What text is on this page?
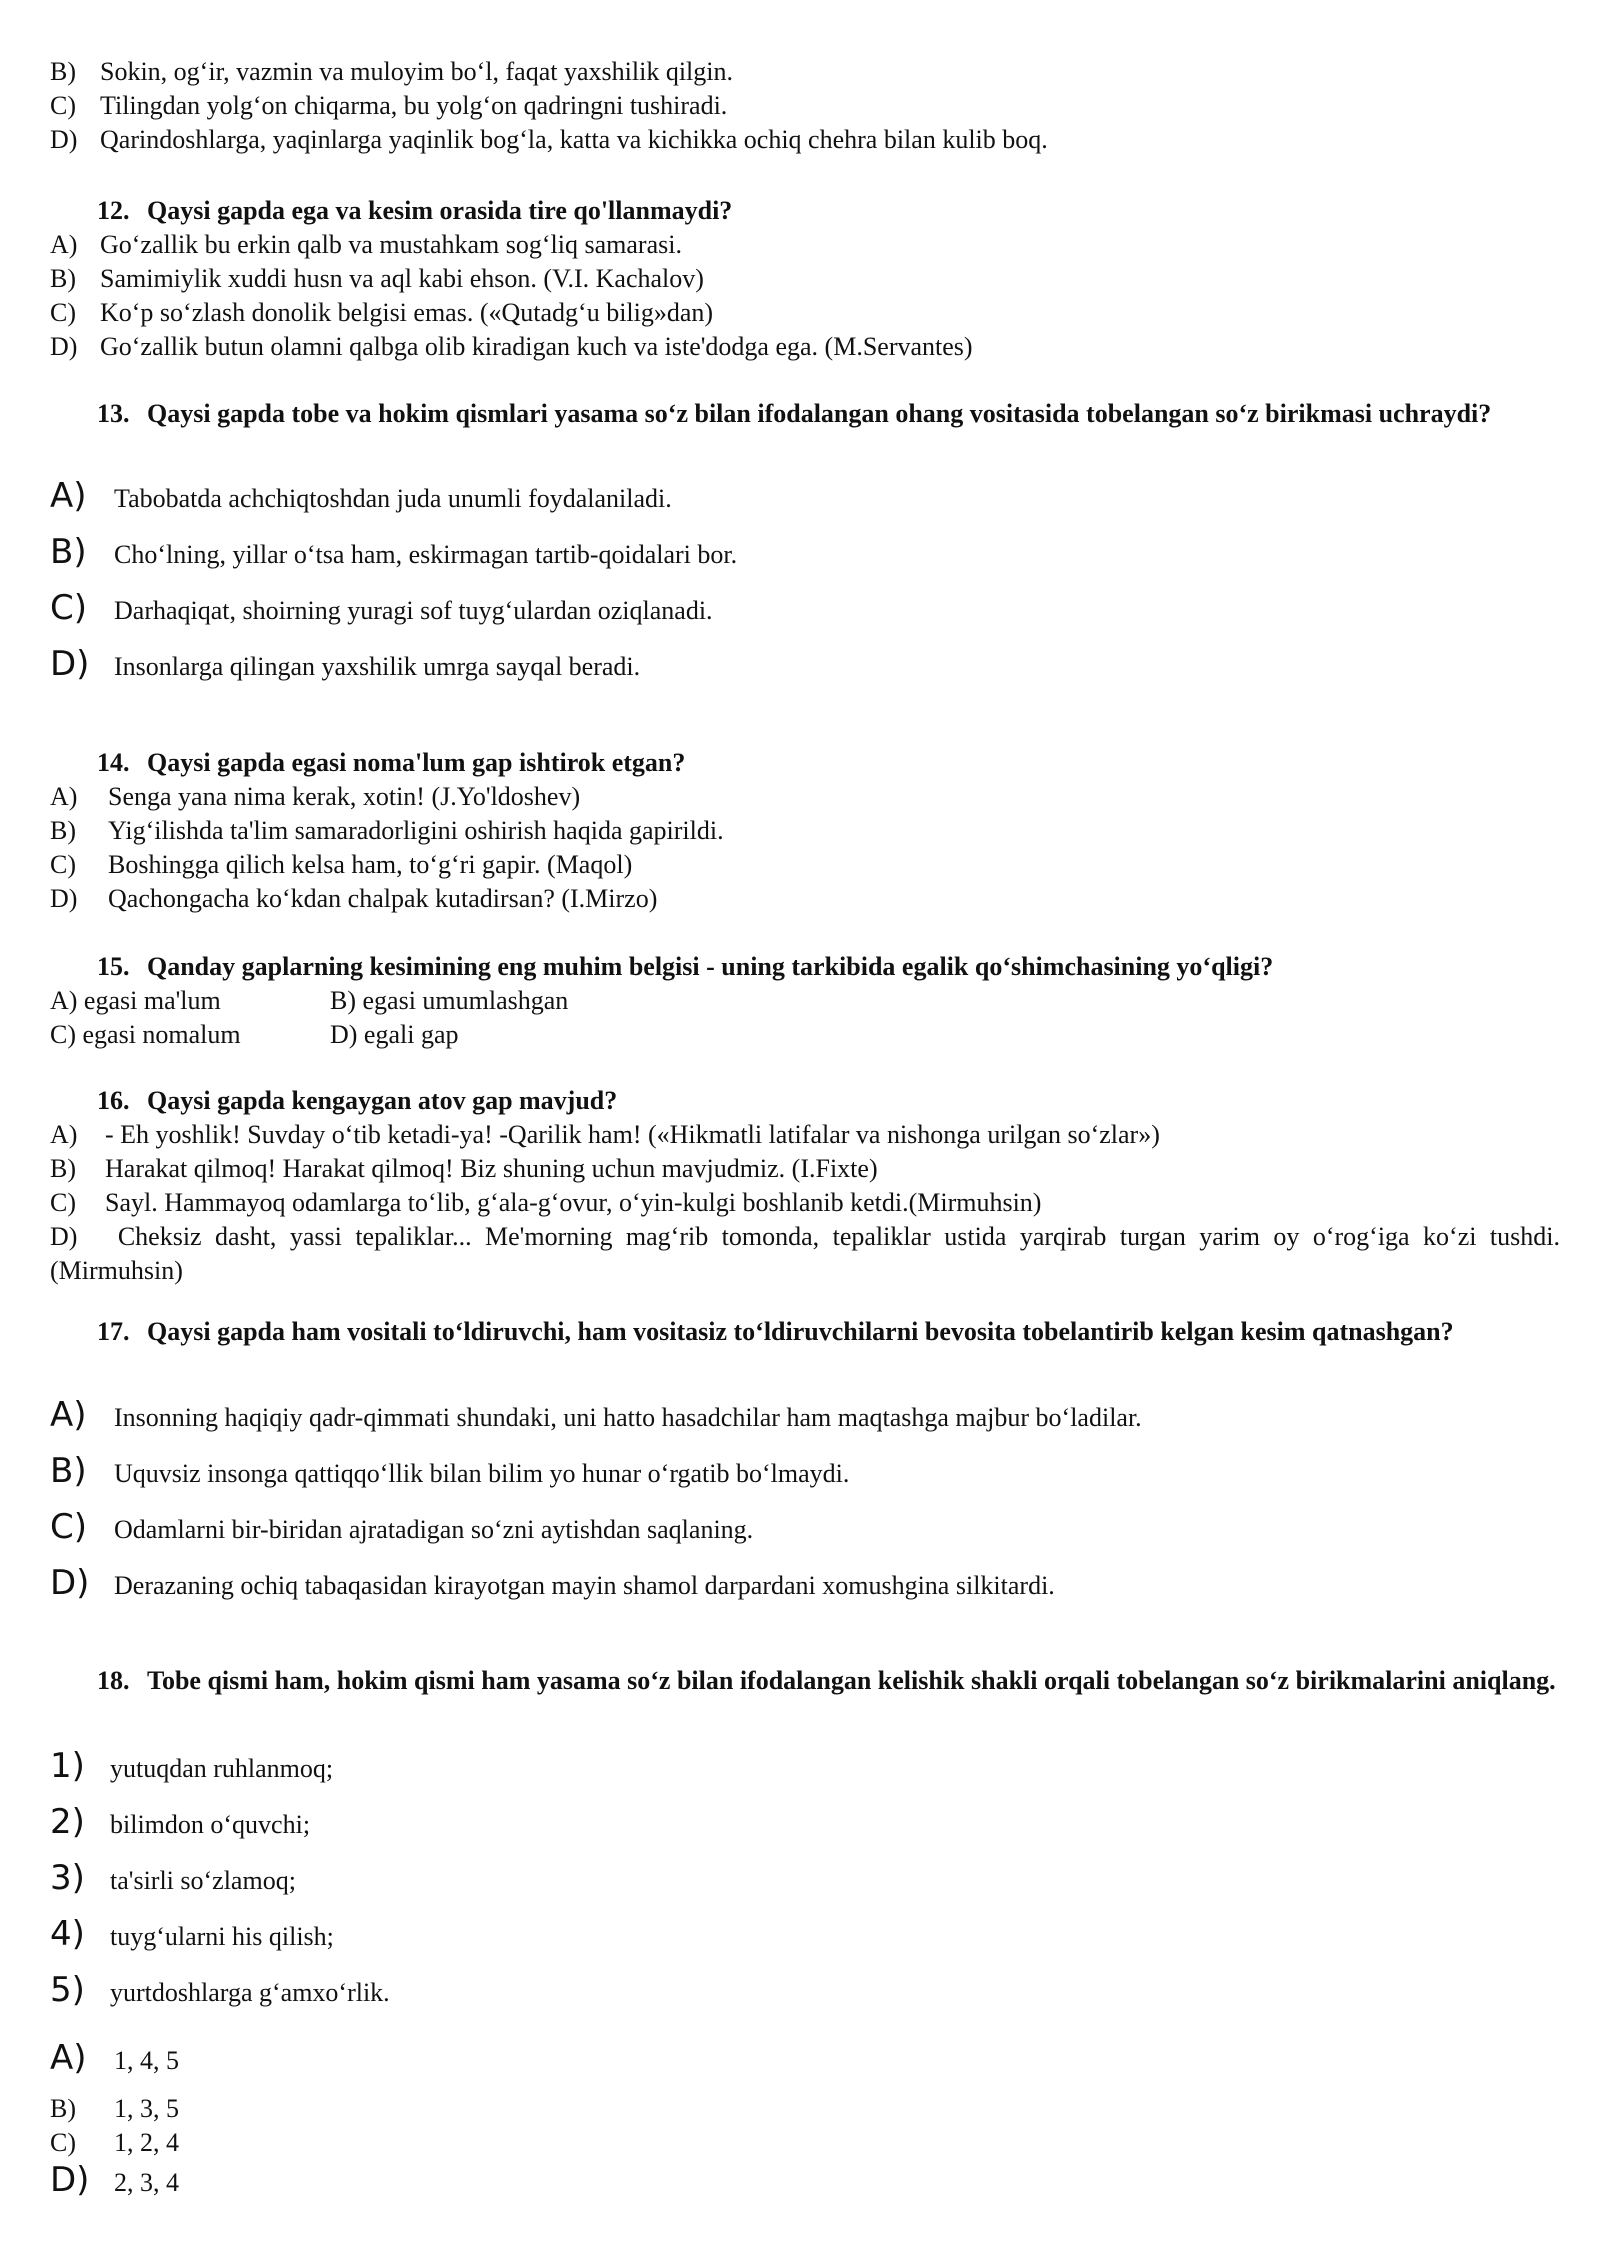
B) Sokin, og‘ir, vazmin va muloyim bo‘l, faqat yaxshilik qilgin.
C) Tilingdan yolg‘on chiqarma, bu yolg‘on qadringni tushiradi.
D) Qarindoshlarga, yaqinlarga yaqinlik bog‘la, katta va kichikka ochiq chehra bilan kulib boq.
12. Qaysi gapda ega va kesim orasida tire qo'llanmaydi?
A) Go‘zallik bu erkin qalb va mustahkam sog‘liq samarasi.
B) Samimiylik xuddi husn va aql kabi ehson. (V.I. Kachalov)
C) Ko‘p so‘zlash donolik belgisi emas. («Qutadg‘u bilig»dan)
D) Go‘zallik butun olamni qalbga olib kiradigan kuch va iste'dodga ega. (M.Servantes)
13. Qaysi gapda tobe va hokim qismlari yasama so‘z bilan ifodalangan ohang vositasida tobelangan so‘z birikmasi uchraydi?
A)	Tabobatda achchiqtoshdan juda unumli foydalaniladi.
B)	Cho‘lning, yillar o‘tsa ham, eskirmagan tartib-qoidalari bor.
C)	Darhaqiqat, shoirning yuragi sof tuyg‘ulardan oziqlanadi.
D) Insonlarga qilingan yaxshilik umrga sayqal beradi.
14. Qaysi gapda egasi noma'lum gap ishtirok etgan?
A)	Senga yana nima kerak, xotin! (J.Yo'ldoshev)
B)	Yig‘ilishda ta'lim samaradorligini oshirish haqida gapirildi.
C)	Boshingga qilich kelsa ham, to‘g‘ri gapir. (Maqol)
D)	Qachongacha ko‘kdan chalpak kutadirsan? (I.Mirzo)
15. Qanday gaplarning kesimining eng muhim belgisi - uning tarkibida egalik qo‘shimchasining yo‘qligi?
A) egasi ma'lum	B) egasi umumlashgan
C) egasi nomalum	D) egali gap
16. Qaysi gapda kengaygan atov gap mavjud?
A)	- Eh yoshlik! Suvday o‘tib ketadi-ya! -Qarilik ham! («Hikmatli latifalar va nishonga urilgan so‘zlar»)
B)	Harakat qilmoq! Harakat qilmoq! Biz shuning uchun mavjudmiz. (I.Fixte)
C)	Sayl. Hammayoq odamlarga to‘lib, g‘ala-g‘ovur, o‘yin-kulgi boshlanib ketdi.(Mirmuhsin)
D) Cheksiz dasht, yassi tepaliklar... Me'morning mag‘rib tomonda, tepaliklar ustida yarqirab turgan yarim oy o‘rog‘iga ko‘zi tushdi. (Mirmuhsin)
17. Qaysi gapda ham vositali to‘ldiruvchi, ham vositasiz to‘ldiruvchilarni bevosita tobelantirib kelgan kesim qatnashgan?
A)	Insonning haqiqiy qadr-qimmati shundaki, uni hatto hasadchilar ham maqtashga majbur bo‘ladilar.
B)	Uquvsiz insonga qattiqqo‘llik bilan bilim yo hunar o‘rgatib bo‘lmaydi.
C)	Odamlarni bir-biridan ajratadigan so‘zni aytishdan saqlaning.
D) Derazaning ochiq tabaqasidan kirayotgan mayin shamol darpardani xomushgina silkitardi.
18. Tobe qismi ham, hokim qismi ham yasama so‘z bilan ifodalangan kelishik shakli orqali tobelangan so‘z birikmalarini aniqlang.
1) yutuqdan ruhlanmoq;
2) bilimdon o‘quvchi;
3) ta'sirli so‘zlamoq;
4) tuyg‘ularni his qilish;
5) yurtdoshlarga g‘amxo‘rlik.
A)	1, 4, 5
B)	1, 3, 5
C)	1, 2, 4
D) 2, 3, 4
